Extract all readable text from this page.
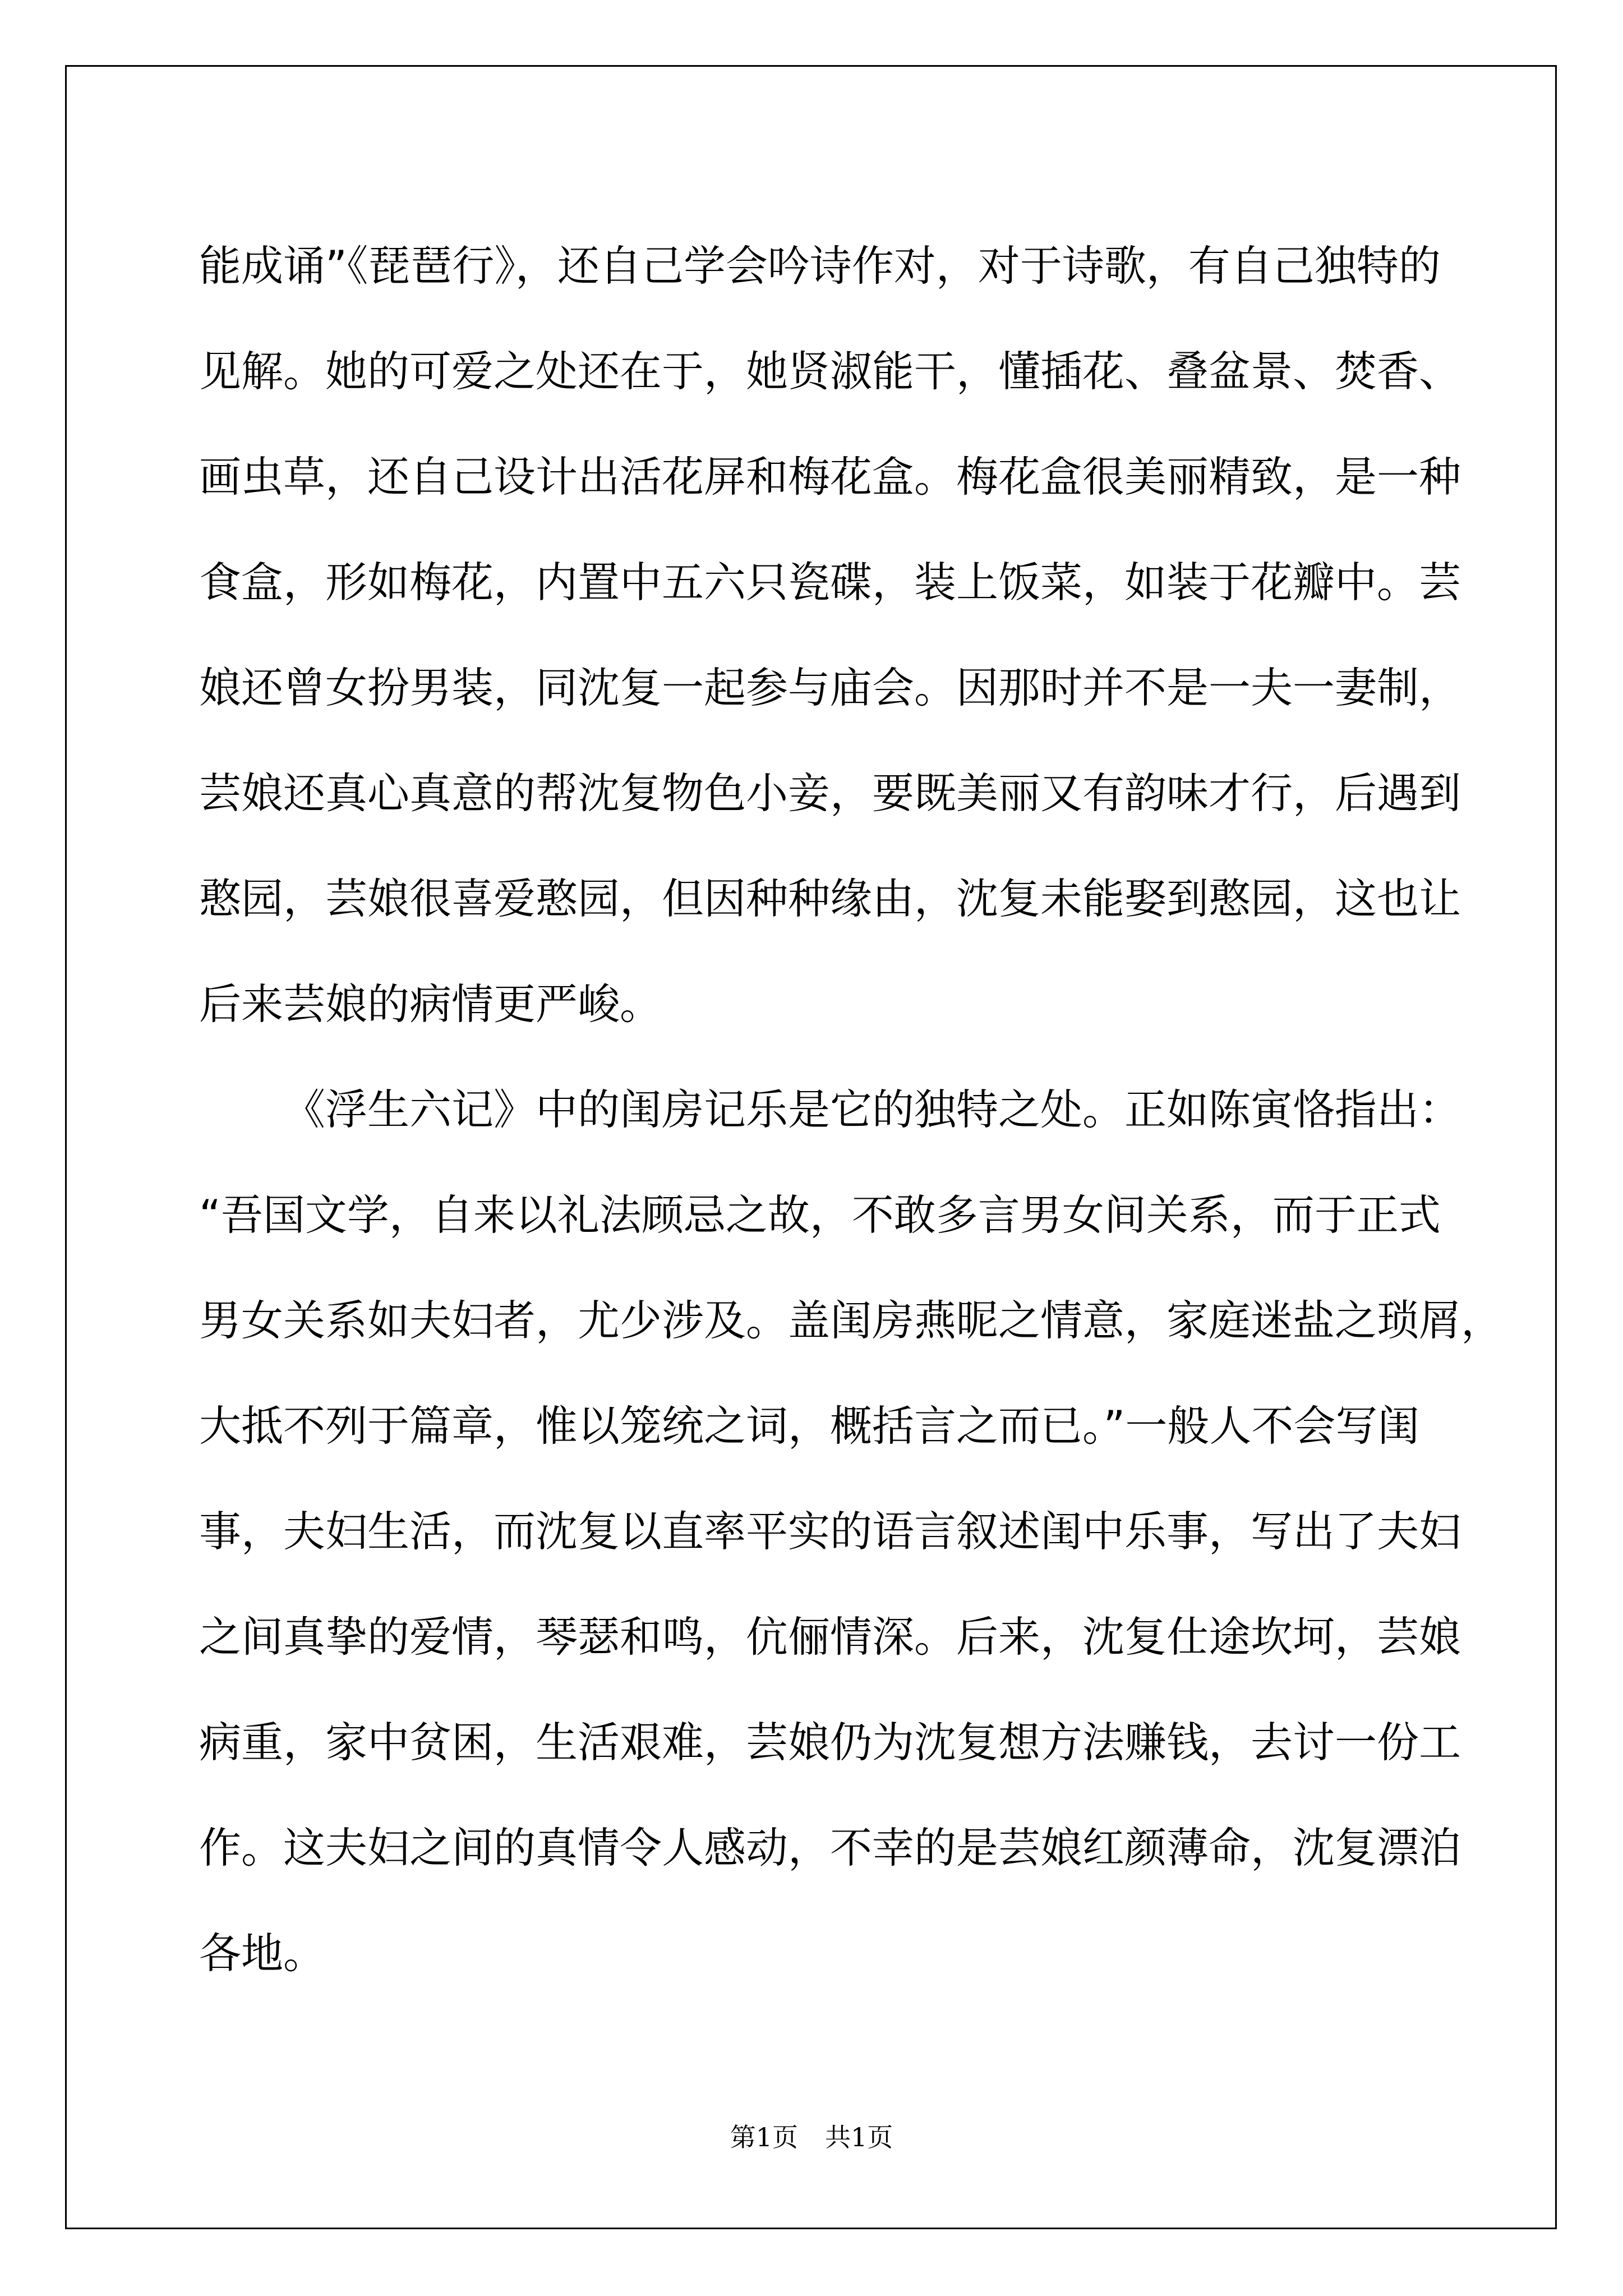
能成诵”《琵琶行》，还自己学会吟诗作对，对于诗歌，有自己独特的

见解。她的可爱之处还在于，她贤淑能干，懂插花、叠盆景、焚香、

画虫草，还自己设计出活花屏和梅花盒。梅花盒很美丽精致，是一种

食盒，形如梅花，内置中五六只瓷碟，装上饭菜，如装于花瓣中。芸

娘还曾女扮男装，同沈复一起参与庙会。因那时并不是一夫一妻制，

芸娘还真心真意的帮沈复物色小妾，要既美丽又有韵味才行，后遇到

憨园，芸娘很喜爱憨园，但因种种缘由，沈复未能娶到憨园，这也让

后来芸娘的病情更严峻。

《浮生六记》中的闺房记乐是它的独特之处。正如陈寅恪指出：

“吾国文学，自来以礼法顾忌之故，不敢多言男女间关系，而于正式

男女关系如夫妇者，尤少涉及。盖闺房燕昵之情意，家庭迷盐之琐屑，

大抵不列于篇章，惟以笼统之词，概括言之而已。”一般人不会写闺

事，夫妇生活，而沈复以直率平实的语言叙述闺中乐事，写出了夫妇

之间真挚的爱情，琴瑟和鸣，伉俪情深。后来，沈复仕途坎坷，芸娘

病重，家中贫困，生活艰难，芸娘仍为沈复想方法赚钱，去讨一份工

作。这夫妇之间的真情令人感动，不幸的是芸娘红颜薄命，沈复漂泊

各地。

第1页 共1页
